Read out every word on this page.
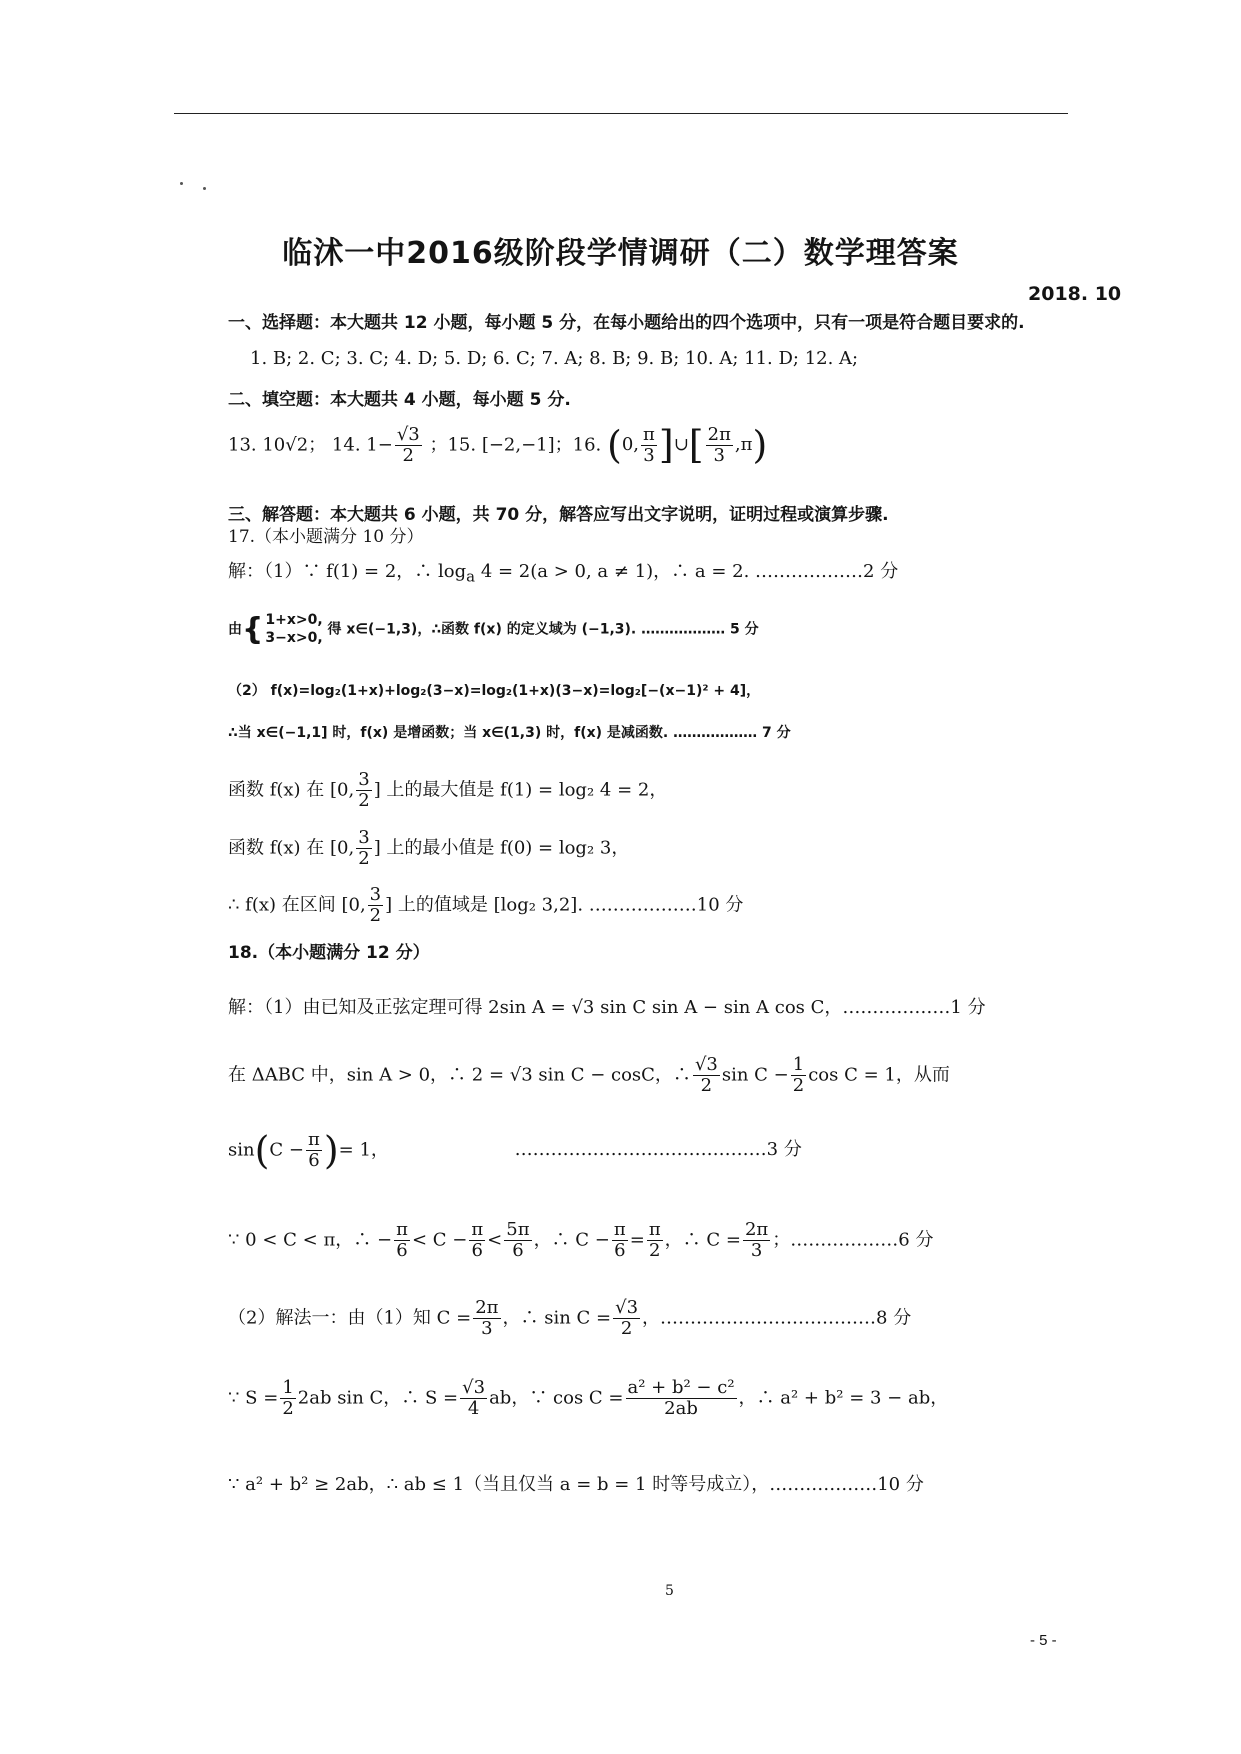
临沭一中2016级阶段学情调研（二）数学理答案
2018. 10
一、选择题：本大题共 12 小题，每小题 5 分，在每小题给出的四个选项中，只有一项是符合题目要求的.
1. B; 2. C; 3. C; 4. D; 5. D; 6. C; 7. A; 8. B; 9. B; 10. A; 11. D; 12. A;
二、填空题：本大题共 4 小题，每小题 5 分.
13. 10√2； 14. $1- \frac{√3}{2}$ ；15. [−2,−1]；16. (0, $\frac{\pi}{3}$ ]∪[ $\frac{2\pi}{3} ,\pi$)
三、解答题：本大题共 6 小题，共 70 分，解答应写出文字说明，证明过程或演算步骤.
17.（本小题满分 10 分）
解：（1）∵ f(1) = 2，∴ $\log_a 4 = 2(a > 0$, a ≠ 1)，∴ a = 2. ………………2 分
由{ 1+x>0,
3−x>0, 得 x∈(−1,3)，∴函数 f(x) 的定义域为 (−1,3). ……………… 5 分
（2） f(x)=log₂(1+x)+log₂(3−x)=log₂(1+x)(3−x)=log₂[−(x−1)² + 4]，
∴当 x∈(−1,1] 时，f(x) 是增函数；当 x∈(1,3) 时，f(x) 是减函数. ……………… 7 分
函数 f(x) 在 [0, $\frac{3}{2}$ ] 上的最大值是 f(1) = log₂ 4 = 2，
函数 f(x) 在 [0, $\frac{3}{2}$ ] 上的最小值是 f(0) = log₂ 3，
∴ f(x) 在区间 [0, $\frac{3}{2}$ ] 上的值域是 [log₂ 3,2]. ………………10 分
18.（本小题满分 12 分）
解：（1）由已知及正弦定理可得 2sin A = √3 sin C sin A − sin A cos C，………………1 分
在 ΔABC 中，sin A > 0，∴ 2 = √3 sin C − cosC，∴ $\frac{√3}{2}$ $\sin C - \frac{1}{2}$ cos C = 1，从而
$\sin(C - \frac{\pi}{6}$ )= 1，	……………………………………3 分
∵ 0 < C < π，∴ − $\frac{\pi}{6} < C - \frac{\pi}{6} < \frac{5\pi}{6}$ ，∴ $C - \frac{\pi}{6} = \frac{\pi}{2}$ ，∴ $C = \frac{2\pi}{3}$ ；………………6 分
（2）解法一：由（1）知 $C = \frac{2\pi}{3}$ ，∴ $\sin C = \frac{√3}{2}$ ，………………………………8 分
∵ $S = \frac{1}{2} 2ab$ sin C，∴ $S = \frac{√3}{4}$ ab，∵ $\cos C = \frac{\text{a² + b² − c²}}{2ab}$ ，∴ a² + b² = 3 − ab，
∵ a² + b² ≥ 2ab，∴ ab ≤ 1（当且仅当 a = b = 1 时等号成立），………………10 分
5
- 5 -
